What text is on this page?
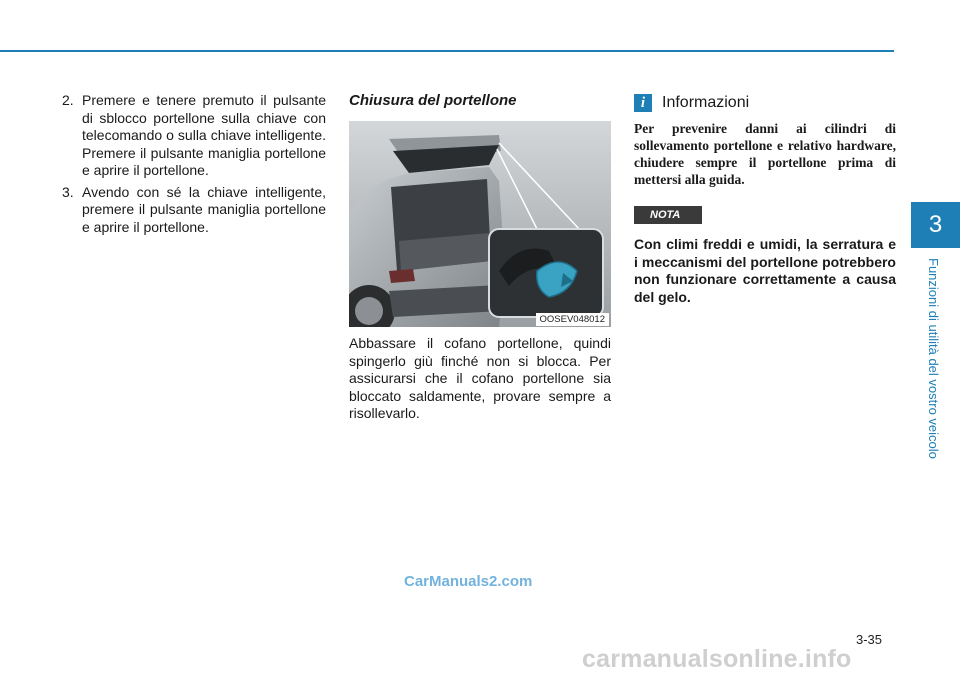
3
Funzioni di utilità del vostro veicolo
2. Premere e tenere premuto il pulsante di sblocco portellone sulla chiave con telecomando o sulla chiave intelligente. Premere il pulsante maniglia portellone e aprire il portellone.
3. Avendo con sé la chiave intelligente, premere il pulsante maniglia portellone e aprire il portellone.
Chiusura del portellone
OOSEV048012

Abbassare il cofano portellone, quindi spingerlo giù finché non si blocca. Per assicurarsi che il cofano portellone sia bloccato saldamente, provare sempre a risollevarlo.

i	Informazioni

Per prevenire danni ai cilindri di sollevamento portellone e relativo hardware, chiudere sempre il portellone prima di mettersi alla guida.

NOTA

Con climi freddi e umidi, la serratura e i meccanismi del portellone potrebbero non funzionare correttamente a causa del gelo.

CarManuals2.com
3-35
carmanualsonline.info
